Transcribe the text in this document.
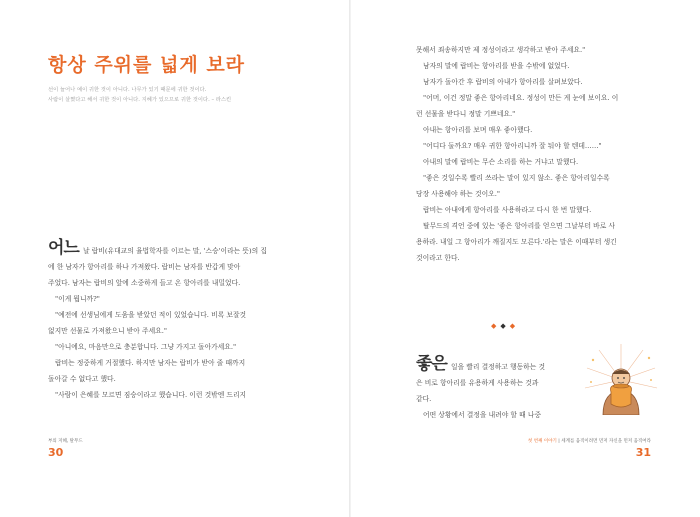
항상 주위를 넓게 보라

선이 늘어나 예이 귀한 것이 아니다. 나무가 있기 때문에 귀한 것이다.

사람이 살쪘다고 해서 귀한 것이 아니다. 지혜가 있으므로 귀한 것이다. – 라스킨

어느 날 랍비(유대교의 율법학자를 이르는 말, '스승'이라는 뜻)의 집

에 한 남자가 항아리를 하나 가져왔다. 랍비는 남자를 반갑게 맞아

주었다. 남자는 랍비의 앞에 소중하게 들고 온 항아리를 내밀었다.

"이게 뭡니까?"

"예전에 선생님에게 도움을 받았던 적이 있었습니다. 비록 보잘것

없지만 선물로 가져왔으니 받아 주세요."

"아니에요, 마음만으로 충분합니다. 그냥 가지고 돌아가세요."

랍비는 정중하게 거절했다. 하지만 남자는 랍비가 받아 줄 때까지

돌아갈 수 없다고 했다.

"사람이 은혜를 모르면 짐승이라고 했습니다. 이런 것밖엔 드리지

부의 지혜, 탈무드
30

못해서 죄송하지만 제 정성이라고 생각하고 받아 주세요."

남자의 말에 랍비는 항아리를 받을 수밖에 없었다.

남자가 돌아간 후 랍비의 아내가 항아리를 살펴보았다.

"어머, 이건 정말 좋은 항아리네요. 정성이 만든 게 눈에 보이요. 이

런 선물을 받다니 정말 기쁘네요."

아내는 항아리를 보며 매우 좋아했다.

"어디다 둘까요? 매우 귀한 항아리니까 잘 둬야 할 텐데……"

아내의 말에 랍비는 무슨 소리를 하는 거냐고 말했다.

"좋은 것일수록 빨리 쓰라는 말이 있지 않소. 좋은 항아리일수록

당장 사용해야 하는 것이오."

랍비는 아내에게 항아리를 사용하라고 다시 한 번 말했다.

탈무드의 격언 중에 있는 '좋은 항아리를 얻으면 그날부터 바로 사

용하라. 내일 그 항아리가 깨질지도 모른다.'라는 말은 이때부터 생긴

것이라고 한다.

◆◆◆

좋은 일을 빨리 결정하고 행동하는 것

은 비로 항아리를 유용하게 사용하는 것과

같다.

어떤 상황에서 결정을 내려야 할 때 나중

첫 번째 이야기 | 세계를 움직이려면 먼저 자신을 먼저 움직여라
31
